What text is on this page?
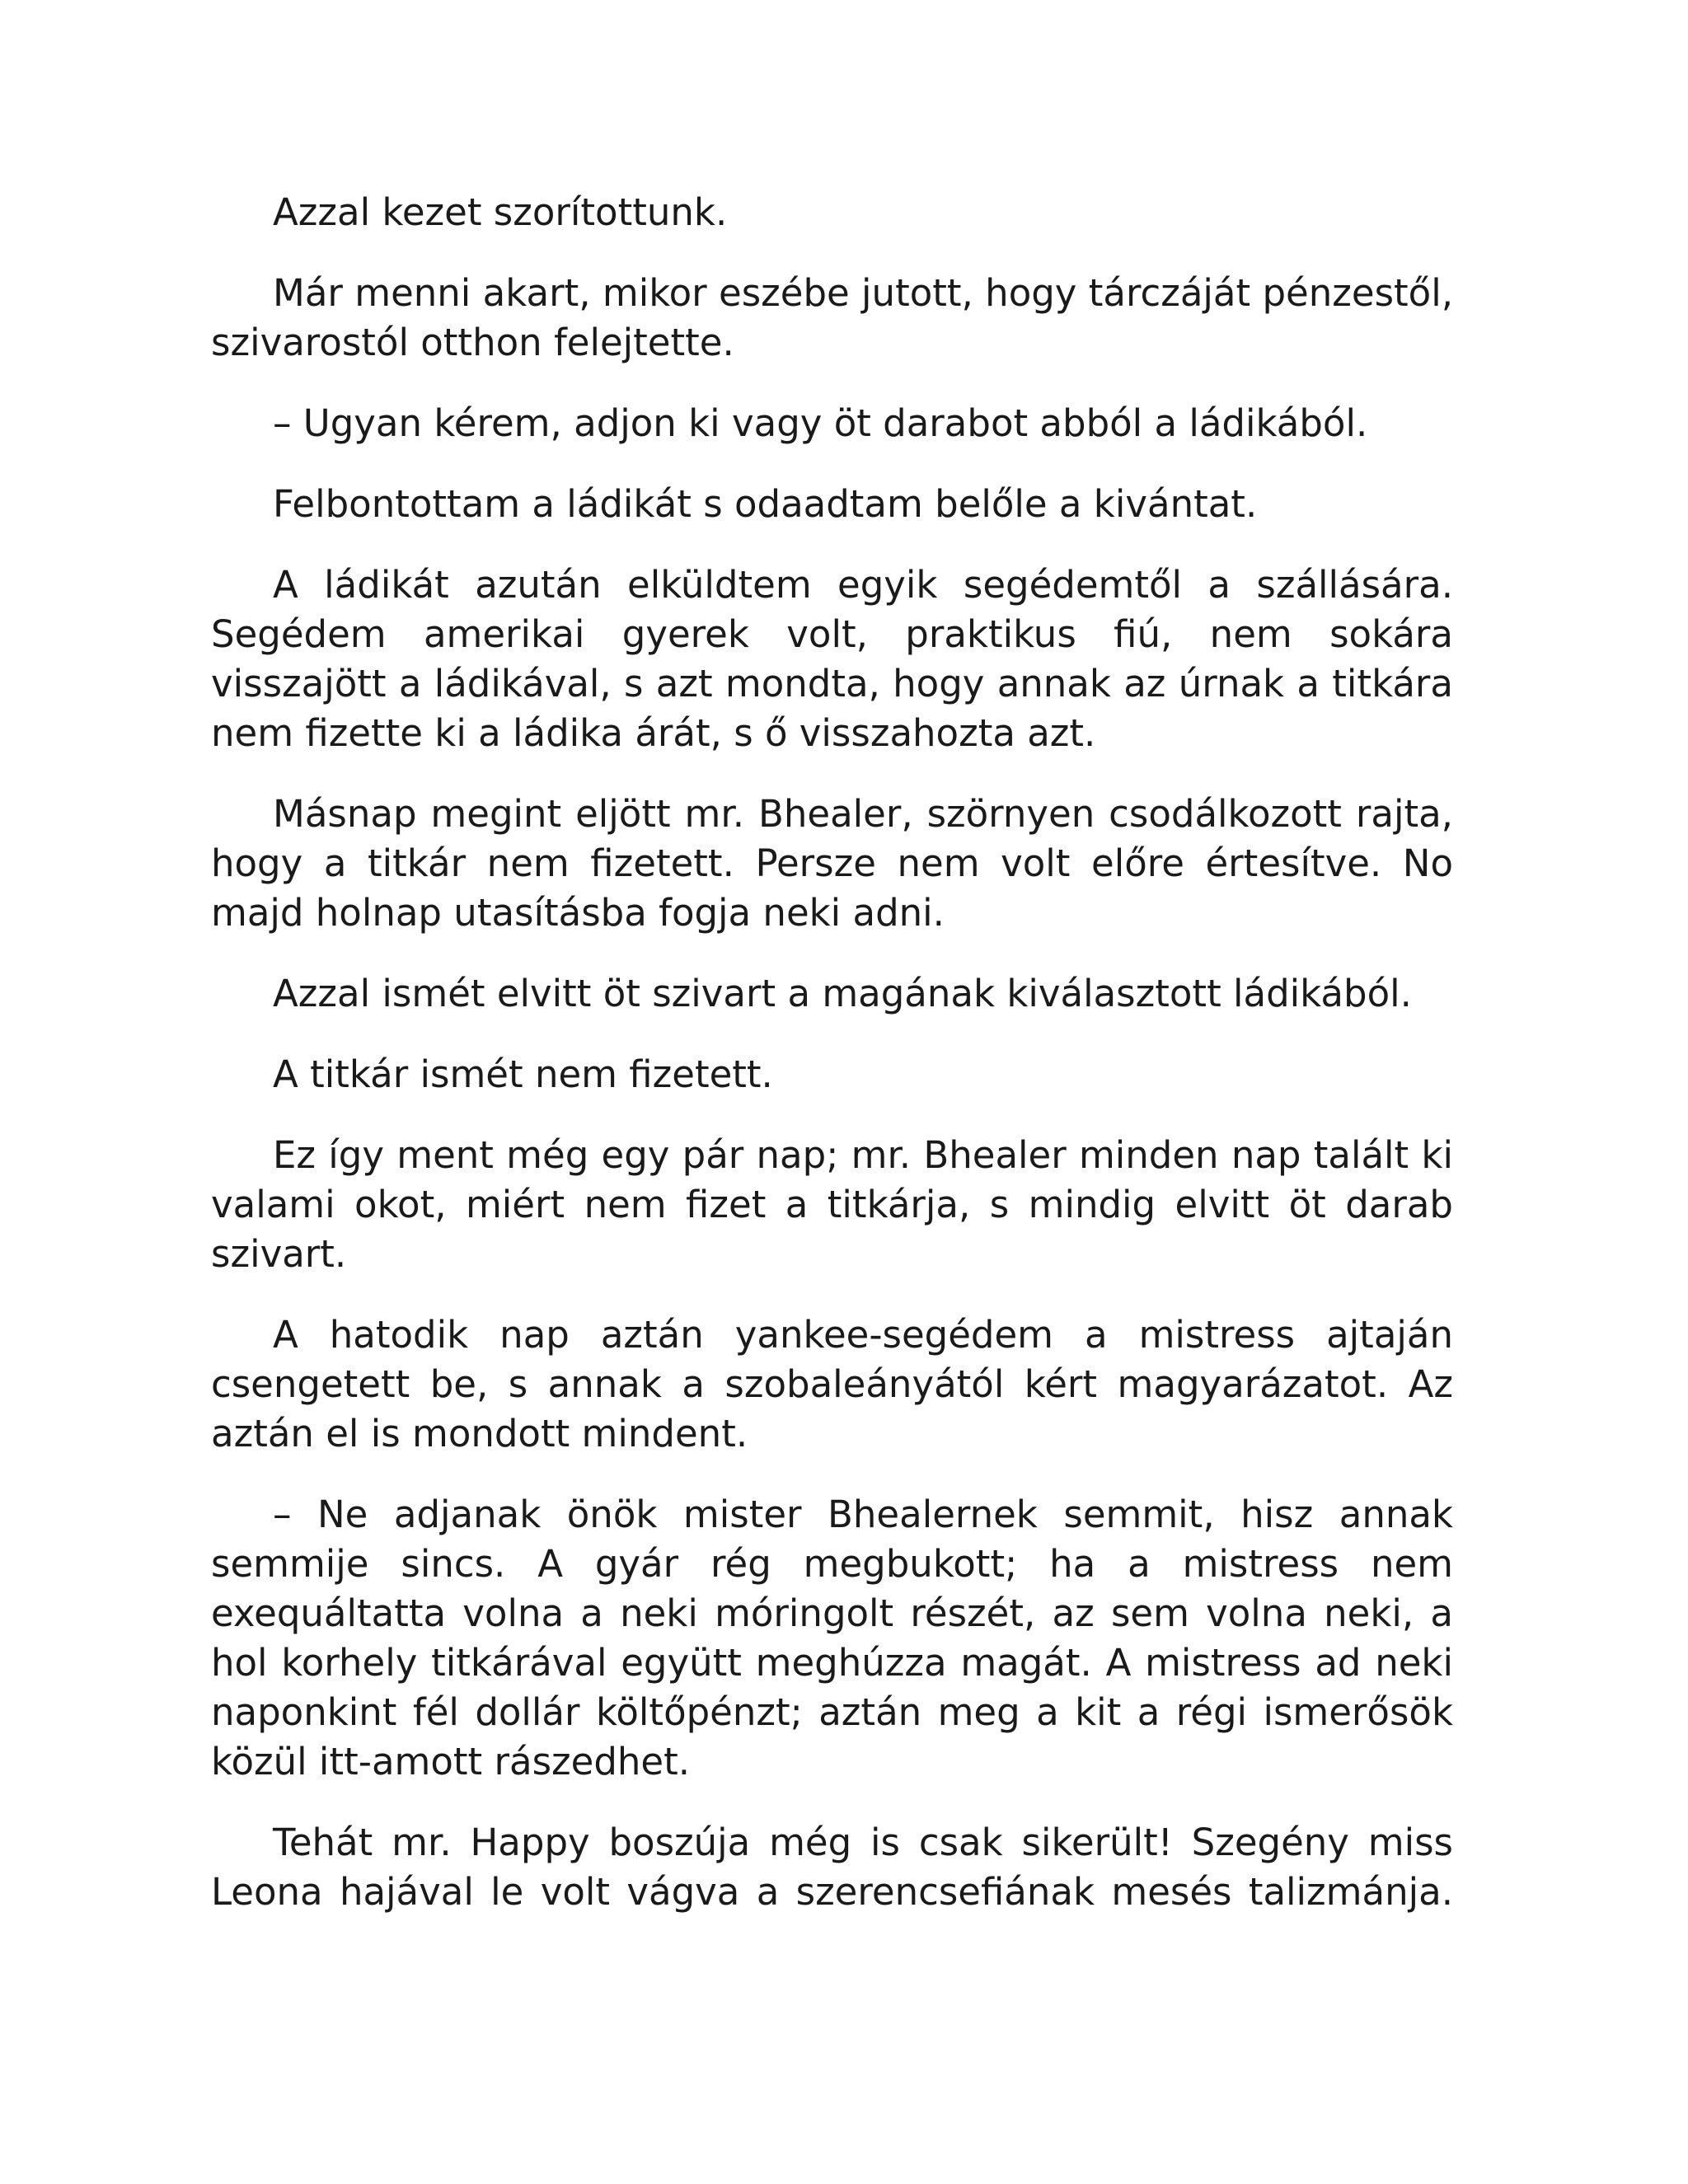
Azzal kezet szorítottunk.

Már menni akart, mikor eszébe jutott, hogy tárczáját pénzestől, szivarostól otthon felejtette.

– Ugyan kérem, adjon ki vagy öt darabot abból a ládikából.

Felbontottam a ládikát s odaadtam belőle a kivántat.

A ládikát azután elküldtem egyik segédemtől a szállására. Segédem amerikai gyerek volt, praktikus fiú, nem sokára visszajött a ládikával, s azt mondta, hogy annak az úrnak a titkára nem fizette ki a ládika árát, s ő visszahozta azt.

Másnap megint eljött mr. Bhealer, szörnyen csodálkozott rajta, hogy a titkár nem fizetett. Persze nem volt előre értesítve. No majd holnap utasításba fogja neki adni.

Azzal ismét elvitt öt szivart a magának kiválasztott ládikából.

A titkár ismét nem fizetett.

Ez így ment még egy pár nap; mr. Bhealer minden nap talált ki valami okot, miért nem fizet a titkárja, s mindig elvitt öt darab szivart.

A hatodik nap aztán yankee-segédem a mistress ajtaján csengetett be, s annak a szobaleányától kért magyarázatot. Az aztán el is mondott mindent.

– Ne adjanak önök mister Bhealernek semmit, hisz annak semmije sincs. A gyár rég megbukott; ha a mistress nem exequáltatta volna a neki móringolt részét, az sem volna neki, a hol korhely titkárával együtt meghúzza magát. A mistress ad neki naponkint fél dollár költőpénzt; aztán meg a kit a régi ismerősök közül itt-amott rászedhet.

Tehát mr. Happy boszúja még is csak sikerült! Szegény miss Leona hajával le volt vágva a szerencsefiának mesés talizmánja.
